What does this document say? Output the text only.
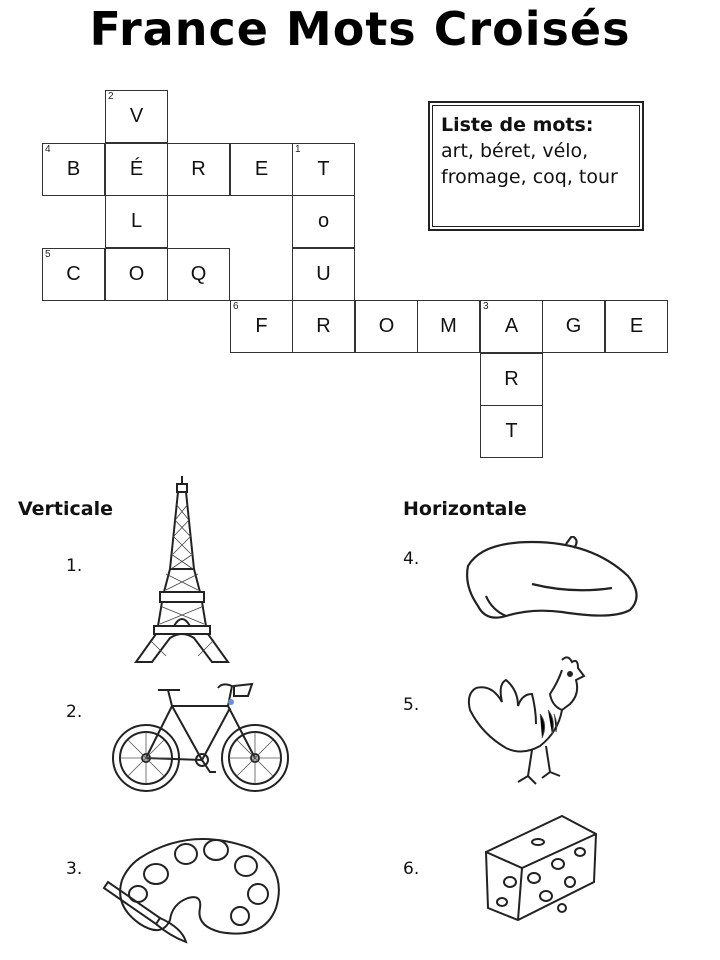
France Mots Croisés
2
V
4
B	É	R	E
1
T
L	o
5
C	O	Q	U
6
F	R	O	M
3
A	G	E
R
T
Liste de mots:
art, béret, vélo, fromage, coq, tour
Verticale	Horizontale
1.
2.
3.
4.
5.
6.
